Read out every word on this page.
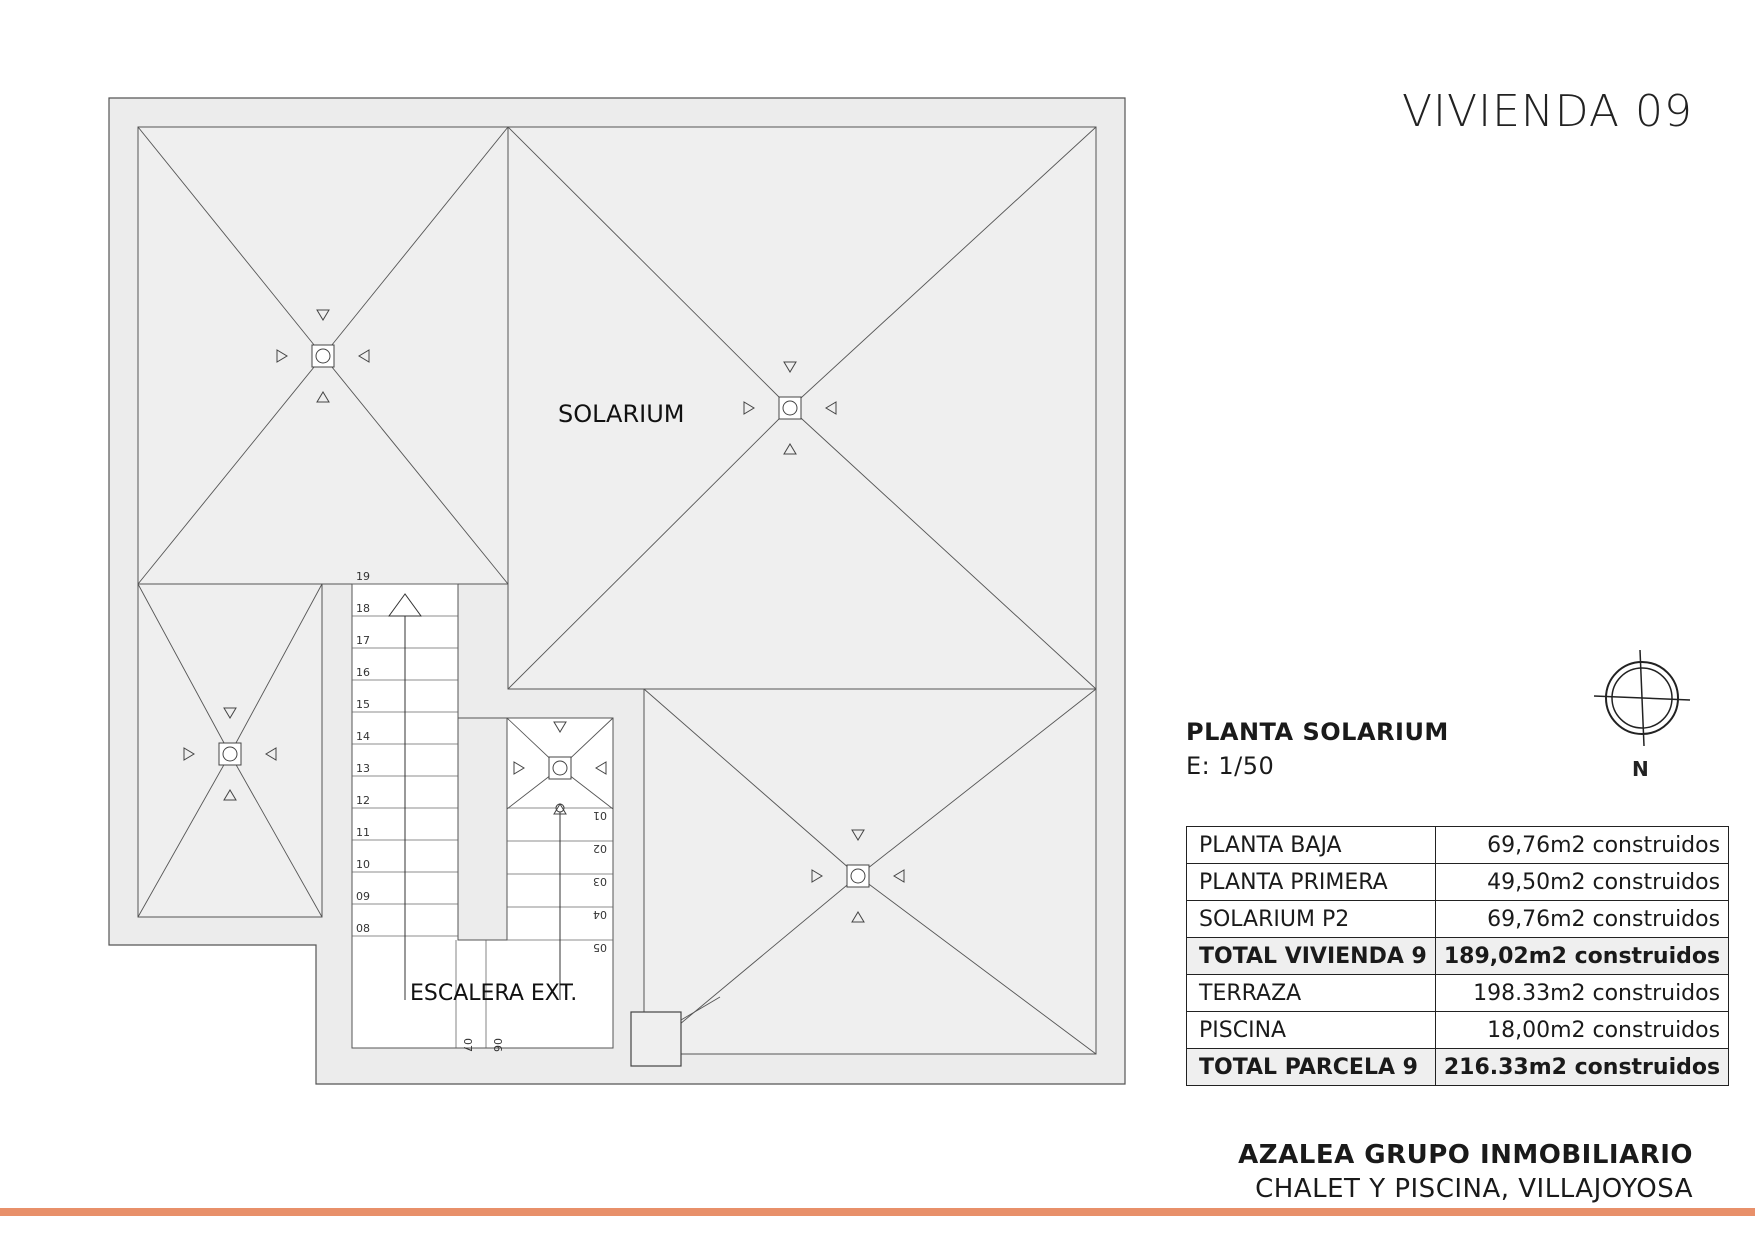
VIVIENDA 09
19
18
17
16
15
14
13
12
11
10
09
08
01
02
03
04
05
07 06
SOLARIUM
ESCALERA EXT.
PLANTA SOLARIUM
E: 1/50	N
PLANTA BAJA	69,76m2 construidos
PLANTA PRIMERA	49,50m2 construidos
SOLARIUM P2	69,76m2 construidos
TOTAL VIVIENDA 9	189,02m2 construidos
TERRAZA	198.33m2 construidos
PISCINA	18,00m2 construidos
TOTAL PARCELA 9	216.33m2 construidos
AZALEA GRUPO INMOBILIARIO
CHALET Y PISCINA, VILLAJOYOSA
